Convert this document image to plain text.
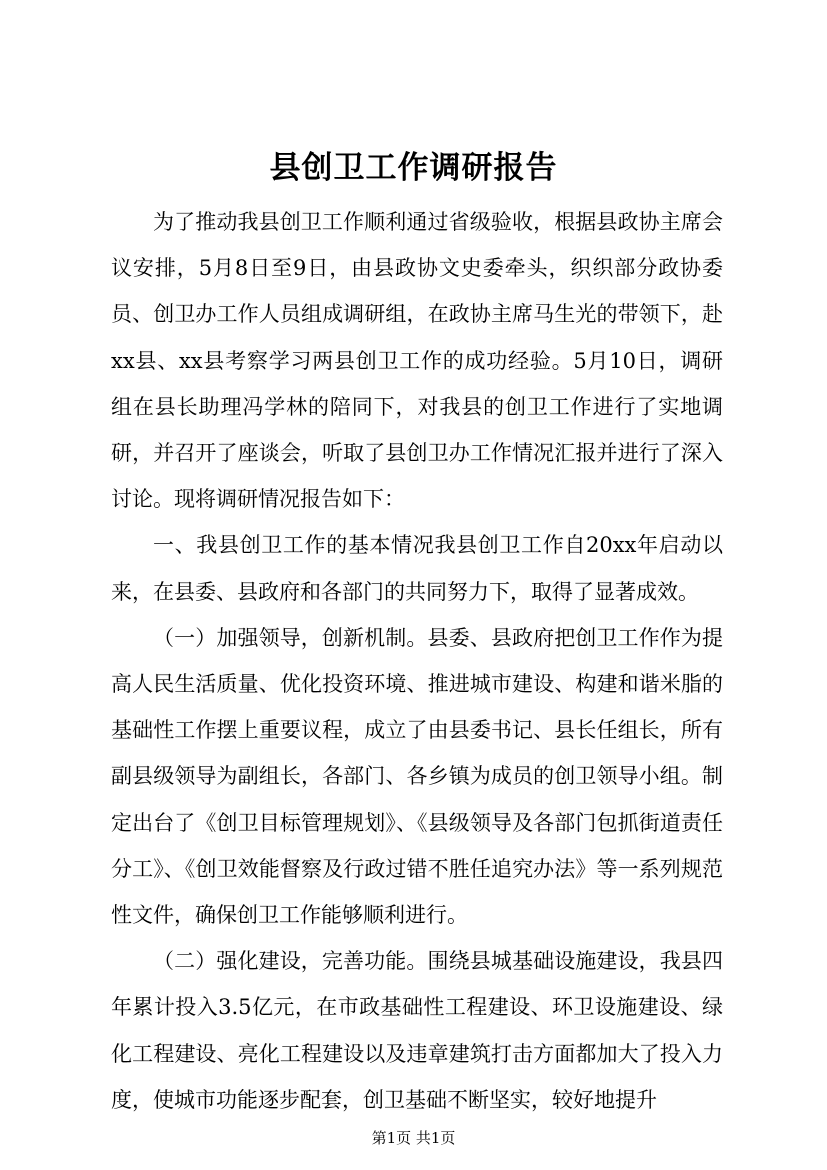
县创卫工作调研报告

为了推动我县创卫工作顺利通过省级验收，根据县政协主席会议安排，5月8日至9日，由县政协文史委牵头，织织部分政协委员、创卫办工作人员组成调研组，在政协主席马生光的带领下，赴xx县、xx县考察学习两县创卫工作的成功经验。5月10日，调研组在县长助理冯学林的陪同下，对我县的创卫工作进行了实地调研，并召开了座谈会，听取了县创卫办工作情况汇报并进行了深入讨论。现将调研情况报告如下：

一、我县创卫工作的基本情况我县创卫工作自20xx年启动以来，在县委、县政府和各部门的共同努力下，取得了显著成效。

（一）加强领导，创新机制。县委、县政府把创卫工作作为提高人民生活质量、优化投资环境、推进城市建设、构建和谐米脂的基础性工作摆上重要议程，成立了由县委书记、县长任组长，所有副县级领导为副组长，各部门、各乡镇为成员的创卫领导小组。制定出台了《创卫目标管理规划》、《县级领导及各部门包抓街道责任分工》、《创卫效能督察及行政过错不胜任追究办法》等一系列规范性文件，确保创卫工作能够顺利进行。

（二）强化建设，完善功能。围绕县城基础设施建设，我县四年累计投入3.5亿元，在市政基础性工程建设、环卫设施建设、绿化工程建设、亮化工程建设以及违章建筑打击方面都加大了投入力度，使城市功能逐步配套，创卫基础不断坚实，较好地提升

第1页 共1页
